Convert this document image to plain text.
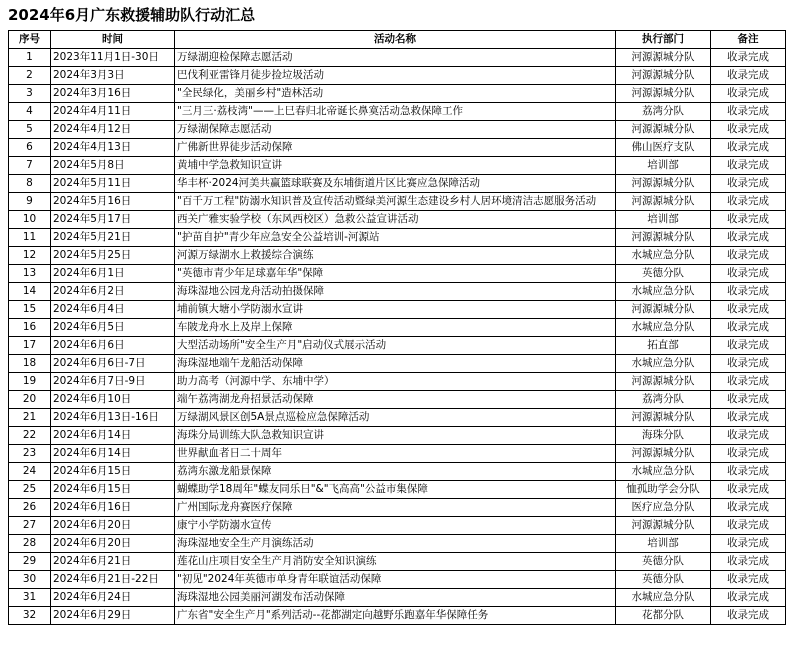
2024年6月广东救援辅助队行动汇总
序号	时间	活动名称	执行部门	备注
1	2023年11月1日-30日	万绿湖迎检保障志愿活动	河源源城分队	收录完成
2	2024年3月3日	巴伐利亚雷锋月徒步捡垃圾活动	河源源城分队	收录完成
3	2024年3月16日	"全民绿化，美丽乡村"造林活动	河源源城分队	收录完成
4	2024年4月11日	"三月三·荔枝湾"——上巳春归北帝诞长鼻寞活动急救保障工作	荔湾分队	收录完成
5	2024年4月12日	万绿湖保障志愿活动	河源源城分队	收录完成
6	2024年4月13日	广佛新世界徒步活动保障	佛山医疗支队	收录完成
7	2024年5月8日	黄埔中学急救知识宣讲	培训部	收录完成
8	2024年5月11日	华丰杯·2024河美共赢篮球联赛及东埔街道片区比赛应急保障活动	河源源城分队	收录完成
9	2024年5月16日	"百千万工程"防溺水知识普及宣传活动暨绿美河源生态建设乡村人居环境清洁志愿服务活动	河源源城分队	收录完成
10	2024年5月17日	西关广雅实验学校（东风西校区）急救公益宣讲活动	培训部	收录完成
11	2024年5月21日	"护苗自护"青少年应急安全公益培训-河源站	河源源城分队	收录完成
12	2024年5月25日	河源万绿湖水上救援综合演练	水城应急分队	收录完成
13	2024年6月1日	"英德市青少年足球嘉年华"保障	英德分队	收录完成
14	2024年6月2日	海珠湿地公园龙舟活动拍摄保障	水城应急分队	收录完成
15	2024年6月4日	埔前镇大塘小学防溺水宣讲	河源源城分队	收录完成
16	2024年6月5日	车陂龙舟水上及岸上保障	水城应急分队	收录完成
17	2024年6月6日	大型活动场所"安全生产月"启动仪式展示活动	拓直部	收录完成
18	2024年6月6日-7日	海珠湿地端午龙船活动保障	水城应急分队	收录完成
19	2024年6月7日-9日	助力高考（河源中学、东埔中学）	河源源城分队	收录完成
20	2024年6月10日	端午荔湾湖龙舟招景活动保障	荔湾分队	收录完成
21	2024年6月13日-16日	万绿湖风景区创5A景点巡检应急保障活动	河源源城分队	收录完成
22	2024年6月14日	海珠分局训练大队急救知识宣讲	海珠分队	收录完成
23	2024年6月14日	世界献血者日二十周年	河源源城分队	收录完成
24	2024年6月15日	荔湾东激龙船景保障	水城应急分队	收录完成
25	2024年6月15日	蝴蝶助学18周年"蝶友同乐日"&"飞高高"公益市集保障	恤孤助学会分队	收录完成
26	2024年6月16日	广州国际龙舟赛医疗保障	医疗应急分队	收录完成
27	2024年6月20日	康宁小学防溺水宣传	河源源城分队	收录完成
28	2024年6月20日	海珠湿地安全生产月演练活动	培训部	收录完成
29	2024年6月21日	莲花山庄项目安全生产月消防安全知识演练	英德分队	收录完成
30	2024年6月21日-22日	"初见"2024年英德市单身青年联谊活动保障	英德分队	收录完成
31	2024年6月24日	海珠湿地公园美丽河湖发布活动保障	水城应急分队	收录完成
32	2024年6月29日	广东省"安全生产月"系列活动--花都湖定向越野乐跑嘉年华保障任务	花都分队	收录完成
